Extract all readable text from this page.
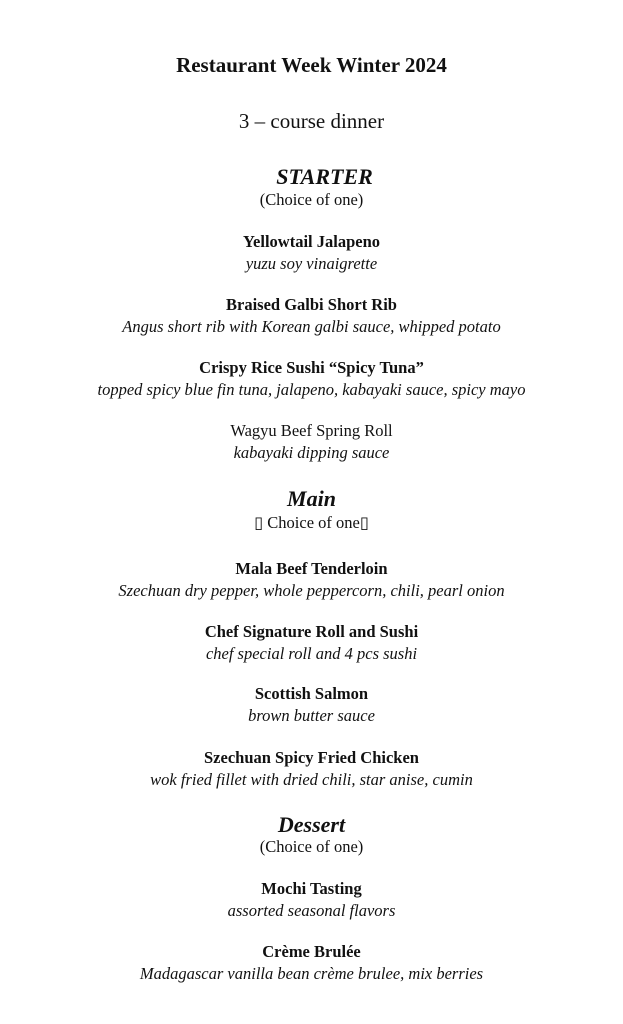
Restaurant Week Winter 2024
3 – course dinner
STARTER
(Choice of one)
Yellowtail Jalapeno
yuzu soy vinaigrette
Braised Galbi Short Rib
Angus short rib with Korean galbi sauce, whipped potato
Crispy Rice Sushi “Spicy Tuna”
topped spicy blue fin tuna, jalapeno, kabayaki sauce, spicy mayo
Wagyu Beef Spring Roll
kabayaki dipping sauce
Main
▯ Choice of one▯
Mala Beef Tenderloin
Szechuan dry pepper, whole peppercorn, chili, pearl onion
Chef Signature Roll and Sushi
chef special roll and 4 pcs sushi
Scottish Salmon
brown butter sauce
Szechuan Spicy Fried Chicken
wok fried fillet with dried chili, star anise, cumin
Dessert
(Choice of one)
Mochi Tasting
assorted seasonal flavors
Crème Brulée
Madagascar vanilla bean crème brulee, mix berries
